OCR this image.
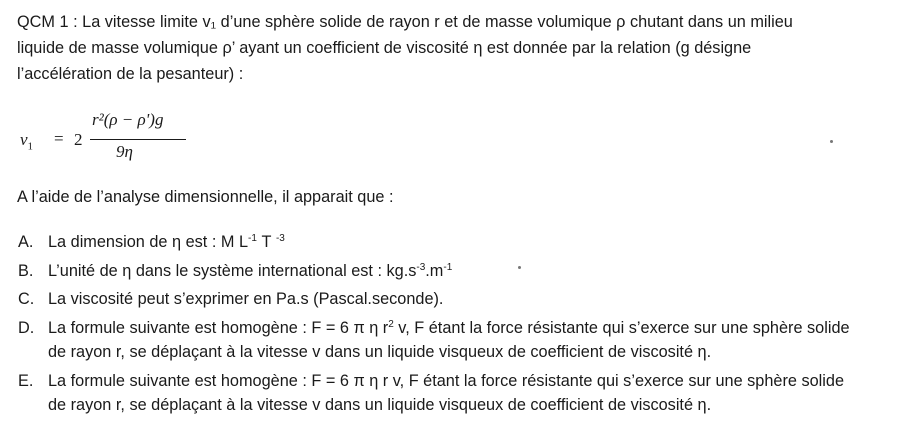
QCM 1 : La vitesse limite v₁ d’une sphère solide de rayon r et de masse volumique ρ chutant dans un milieu
liquide de masse volumique ρ’ ayant un coefficient de viscosité η est donnée par la relation (g désigne
l’accélération de la pesanteur) :
$v_1 = 2$
r²(ρ − ρ')g
9η
A l’aide de l’analyse dimensionnelle, il apparait que :
A. La dimension de η est : M $L^{-1}$ T $^{-3}$
B. L’unité de η dans le système international est : $kg.s^{-3}.m^{-1}$
C. La viscosité peut s’exprimer en Pa.s (Pascal.seconde).
D. La formule suivante est homogène : F = 6 π η $r^2$ v, F étant la force résistante qui s’exerce sur une sphère solide
de rayon r, se déplaçant à la vitesse v dans un liquide visqueux de coefficient de viscosité η.
E. La formule suivante est homogène : F = 6 π η r v, F étant la force résistante qui s’exerce sur une sphère solide
de rayon r, se déplaçant à la vitesse v dans un liquide visqueux de coefficient de viscosité η.
